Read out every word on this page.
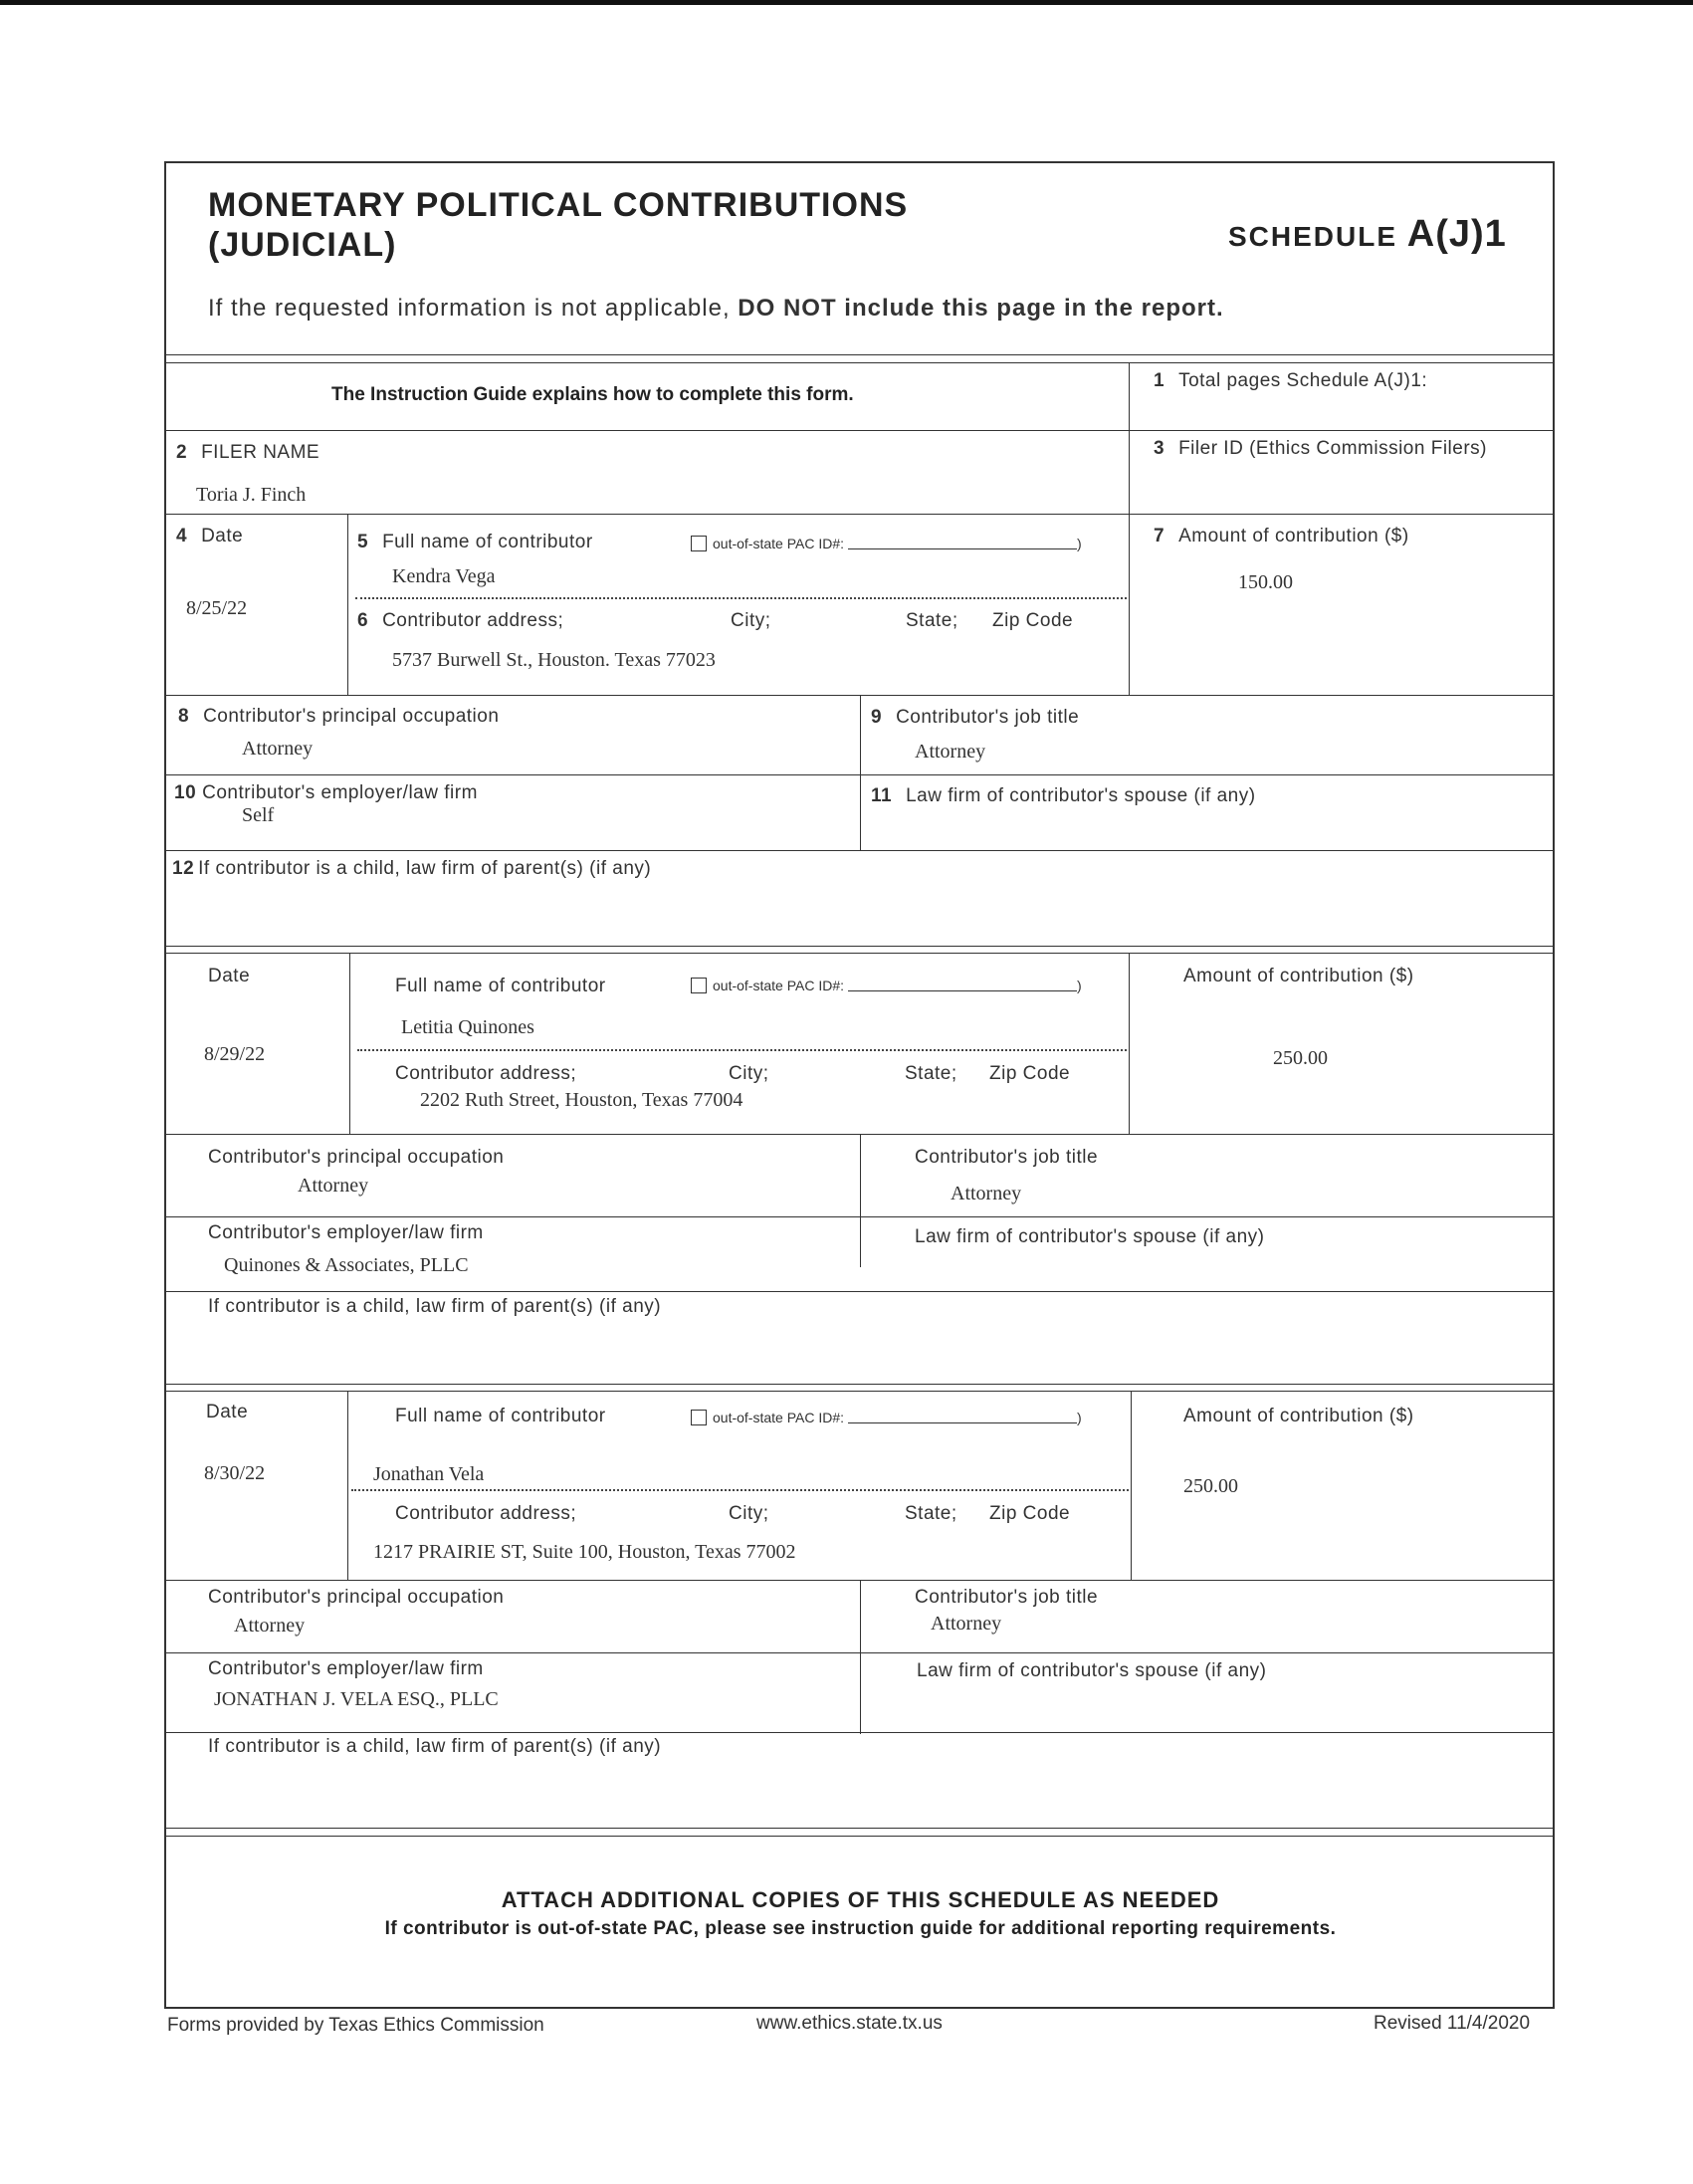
MONETARY POLITICAL CONTRIBUTIONS
(JUDICIAL)	SCHEDULE A(J)1
If the requested information is not applicable, DO NOT include this page in the report.
The Instruction Guide explains how to complete this form.
1 Total pages Schedule A(J)1:
2 FILER NAME
Toria J. Finch
3 Filer ID (Ethics Commission Filers)
4 Date
8/25/22
5 Full name of contributor	out-of-state PAC ID#:	)
Kendra Vega
6 Contributor address;	City;	State; Zip Code
5737 Burwell St., Houston. Texas 77023
7 Amount of contribution ($)
150.00
8 Contributor's principal occupation
Attorney
9 Contributor's job title
Attorney
10 Contributor's employer/law firm
Self
11 Law firm of contributor's spouse (if any)
12 If contributor is a child, law firm of parent(s) (if any)
Date
8/29/22
Full name of contributor	out-of-state PAC ID#:	)
Letitia Quinones
Contributor address;	City;	State; Zip Code
2202 Ruth Street, Houston, Texas 77004
Amount of contribution ($)
250.00
Contributor's principal occupation
Attorney
Contributor's job title
Attorney
Contributor's employer/law firm
Quinones & Associates, PLLC
Law firm of contributor's spouse (if any)
If contributor is a child, law firm of parent(s) (if any)
Date
8/30/22
Full name of contributor	out-of-state PAC ID#:	)
Jonathan Vela
Contributor address;	City;	State; Zip Code
1217 PRAIRIE ST, Suite 100, Houston, Texas 77002
Amount of contribution ($)
250.00
Contributor's principal occupation
Attorney
Contributor's job title
Attorney
Contributor's employer/law firm
JONATHAN J. VELA ESQ., PLLC
Law firm of contributor's spouse (if any)
If contributor is a child, law firm of parent(s) (if any)
ATTACH ADDITIONAL COPIES OF THIS SCHEDULE AS NEEDED
If contributor is out-of-state PAC, please see instruction guide for additional reporting requirements.
Forms provided by Texas Ethics Commission	www.ethics.state.tx.us	Revised 11/4/2020
